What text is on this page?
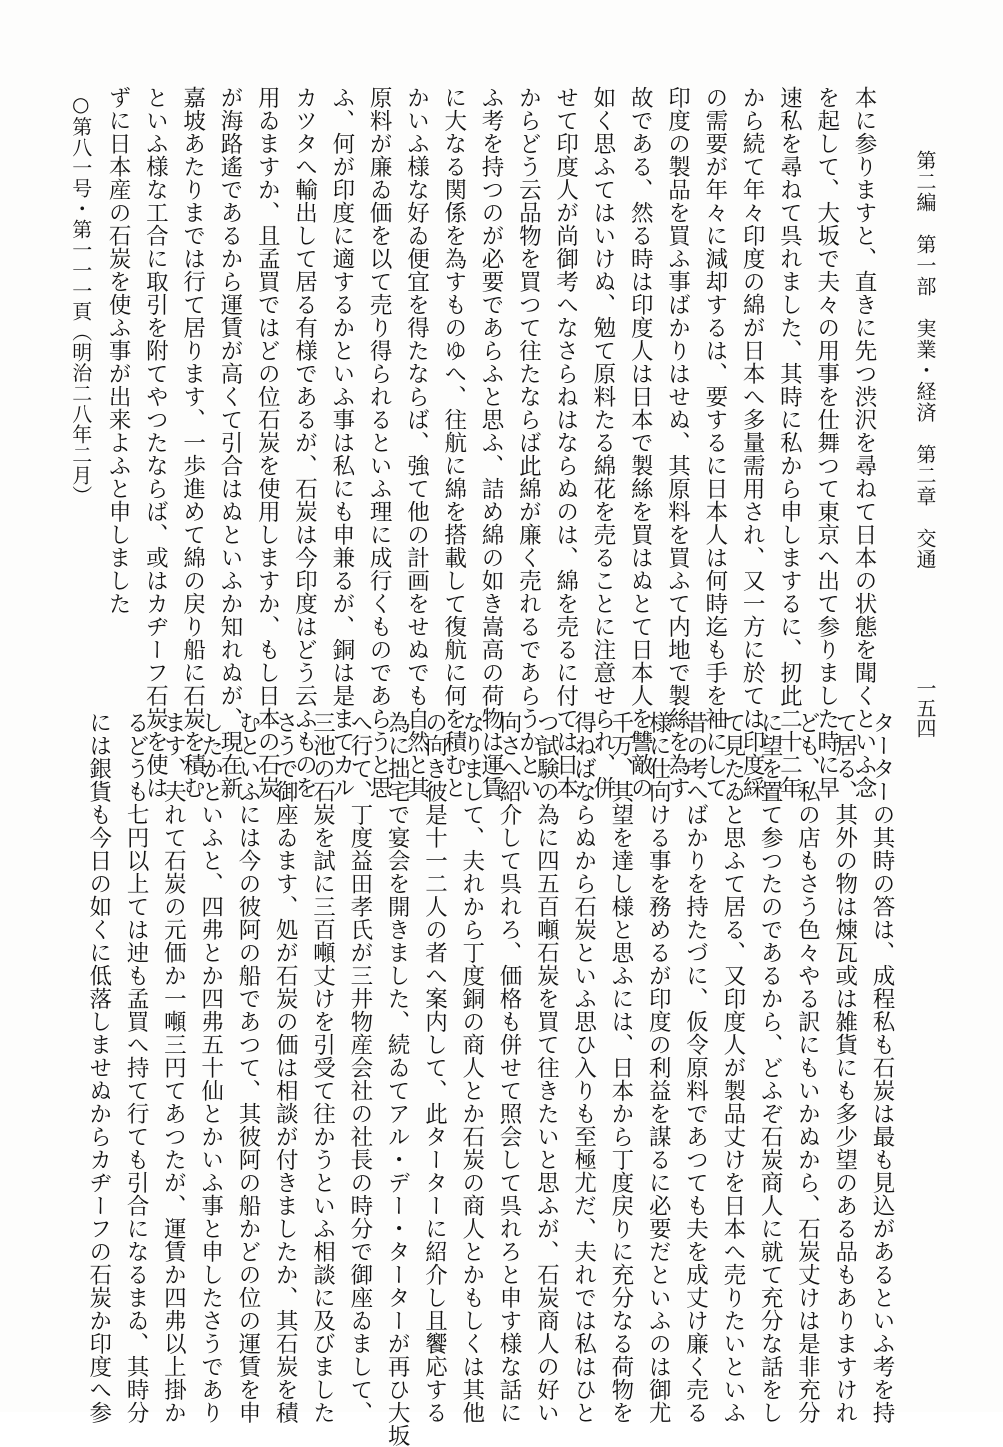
第二編　第一部　実業・経済　第二章　交通
一五四
本に参りますと、直きに先つ渋沢を尋ねて日本の状態を聞くといふ念
を起して、大坂で夫々の用事を仕舞つて東京へ出て参りました時に早
速私を尋ねて呉れました、其時に私から申しまするに、扨此二十二年
から続て年々印度の綿が日本へ多量需用され、又一方に於ては印度綵
の需要が年々に減却するは、要するに日本人は何時迄も手を袖にして
印度の製品を買ふ事ばかりはせぬ、其原料を買ふて内地で製絲を為す
故である、然る時は印度人は日本で製絲を買はぬとて日本人を讐敵の
如く思ふてはいけぬ、勉て原料たる綿花を売ることに注意せられ、併
せて印度人が尚御考へなさらねはならぬのは、綿を売るに付ては日本
からどう云品物を買つて往たならば此綿が廉く売れるであらうかとい
ふ考を持つのが必要であらふと思ふ、詰め綿の如き嵩高の荷物は運賃
に大なる関係を為すものゆへ、往航に綿を搭載して復航に何を積むと
かいふ様な好ゐ便宜を得たならば、強て他の計画をせぬでも自然と其
原料が廉ゐ価を以て売り得られるといふ理に成行くものであらうと思
ふ、何が印度に適するかといふ事は私にも申兼るが、銅は是まてカル
カツタへ輸出して居る有様であるが、石炭は今印度はどう云ふものを
用ゐますか、且孟買ではどの位石炭を使用しますか、もし日本の石炭
が海路遙であるから運賃が高くて引合はぬといふか知れぬが、現在新
嘉坡あたりまでは行て居ります、一歩進めて綿の戻り船に石炭を積む
といふ様な工合に取引を附てやつたならば、或はカヂーフ石炭を使は
ずに日本産の石炭を使ふ事が出来よふと申しました
○第八一号・第一一一頁（明治二八年二月）
ターターの其時の答は、成程私も石炭は最も見込があるといふ考を持
て居る、其外の物は煉瓦或は雑貨にも多少望のある品もありますけれ
ども、私の店もさう色々やる訳にもいかぬから、石炭丈けは是非充分
に望を置て参つたのであるから、どふぞ石炭商人に就て充分な話をし
て見たゐと思ふて居る、又印度人が製品丈けを日本へ売りたいといふ
昔の考へばかりを持たづに、仮令原料であつても夫を成丈け廉く売る
様に仕向ける事を務めるが印度の利益を謀るに必要だといふのは御尤
千万、其望を達し様と思ふには、日本から丁度戻りに充分なる荷物を
得ねばならぬから石炭といふ思ひ入りも至極尤だ、夫れでは私はひと
つ試験の為に四五百噸石炭を買て往きたいと思ふが、石炭商人の好い
向さへ紹介して呉れろ、価格も併せて照会して呉れろと申す様な話に
なりまして、夫れから丁度銅の商人とか石炭の商人とかもしくは其他
の向き彼是十一二人の者へ案内して、此ターターに紹介し且饗応する
為に拙宅で宴会を開きました、続ゐてアル・デー・ターターが再ひ大坂
へ行て、丁度益田孝氏が三井物産会社の社長の時分で御座ゐまして、
三池の石炭を試に三百噸丈けを引受て往かうといふ相談に及びました
さうで御座ゐます、処が石炭の価は相談が付きましたか、其石炭を積
むといふには今の彼阿の船であつて、其彼阿の船かどの位の運賃を申
したかといふと、四弗とか四弗五十仙とかいふ事と申したさうであり
ます、夫れて石炭の元価か一噸三円てあつたが、運賃か四弗以上掛か
るどうも七円以上ては迚も孟買へ持て行ても引合になるまゐ、其時分
には銀貨も今日の如くに低落しませぬからカヂーフの石炭か印度へ参
